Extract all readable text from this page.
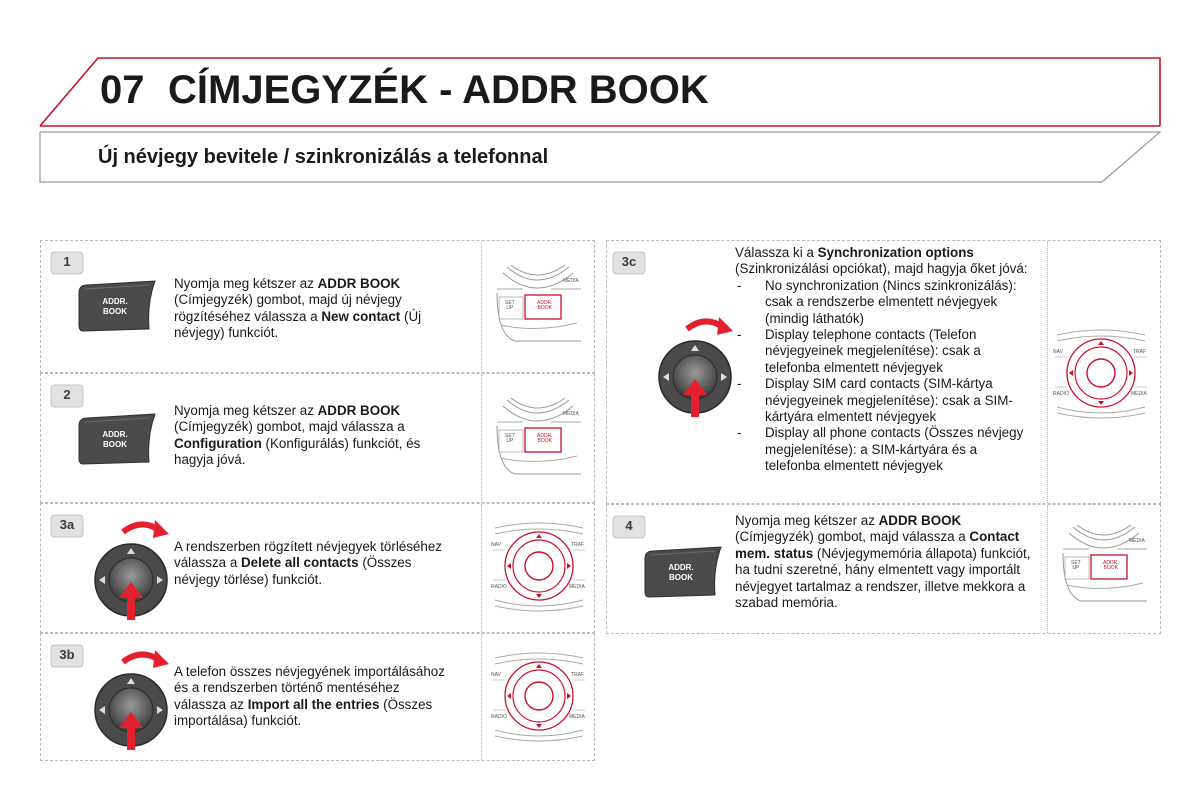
07 CÍMJEGYZÉK - ADDR BOOK
Új névjegy bevitele / szinkronizálás a telefonnal
1
Nyomja meg kétszer az ADDR BOOK (Címjegyzék) gombot, majd új névjegy rögzítéséhez válassza a New contact (Új névjegy) funkciót.
ADDR.
BOOK
MEDIA
SET
UP
ADDR.
BOOK
2
Nyomja meg kétszer az ADDR BOOK (Címjegyzék) gombot, majd válassza a Configuration (Konfigurálás) funkciót, és hagyja jóvá.
ADDR.
BOOK
MEDIA
SET
UP
ADDR.
BOOK
3a
A rendszerben rögzített névjegyek törléséhez válassza a Delete all contacts (Összes névjegy törlése) funkciót.
NAV	TRAF
RADIO	MEDIA
3b
A telefon összes névjegyének importálásához és a rendszerben történő mentéséhez válassza az Import all the entries (Összes importálása) funkciót.
NAV	TRAF
RADIO	MEDIA
3c
Válassza ki a Synchronization options (Szinkronizálási opciókat), majd hagyja őket jóvá:
- No synchronization (Nincs szinkronizálás): csak a rendszerbe elmentett névjegyek (mindig láthatók)
- Display telephone contacts (Telefon névjegyeinek megjelenítése): csak a telefonba elmentett névjegyek
- Display SIM card contacts (SIM-kártya névjegyeinek megjelenítése): csak a SIM-kártyára elmentett névjegyek
- Display all phone contacts (Összes névjegy megjelenítése): a SIM-kártyára és a telefonba elmentett névjegyek
NAV	TRAF
RADIO	MEDIA
4	Nyomja meg kétszer az ADDR BOOK (Címjegyzék) gombot, majd válassza a Contact mem. status (Névjegymemória állapota) funkciót, ha tudni szeretné, hány elmentett vagy importált névjegyet tartalmaz a rendszer, illetve mekkora a szabad memória.
ADDR.
BOOK
MEDIA
SET
UP
ADDR.
BOOK
